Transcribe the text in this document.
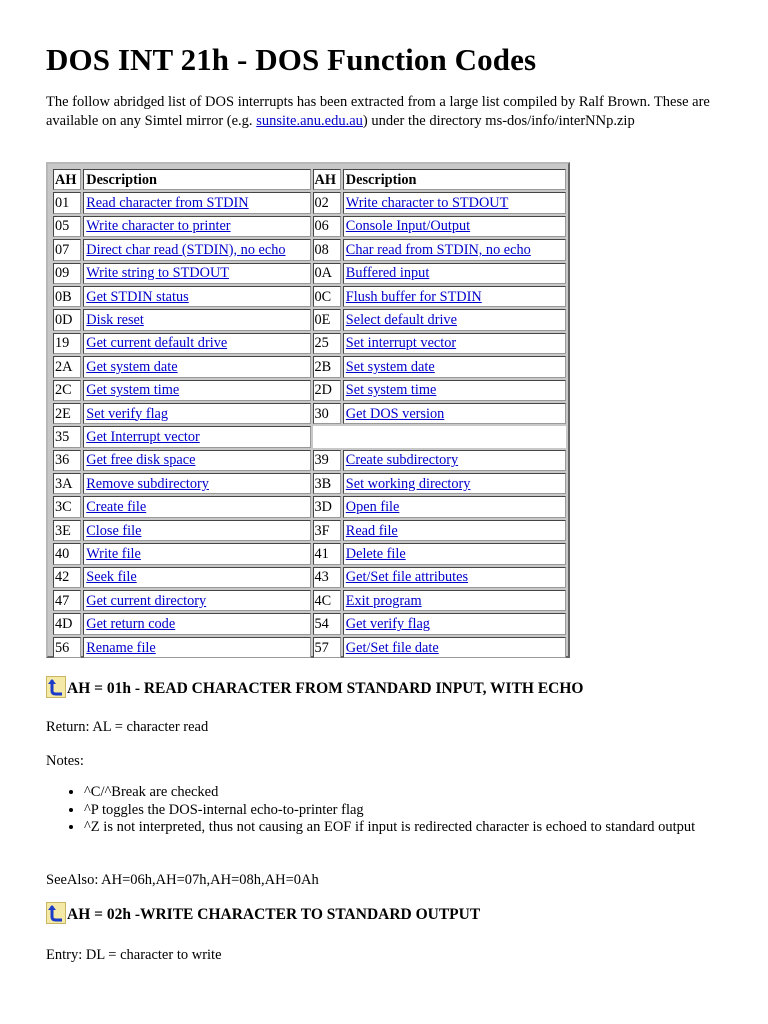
DOS INT 21h - DOS Function Codes

The follow abridged list of DOS interrupts has been extracted from a large list compiled by Ralf Brown. These are available on any Simtel mirror (e.g. sunsite.anu.edu.au) under the directory ms-dos/info/interNNp.zip

AH	Description	AH	Description
01	Read character from STDIN	02	Write character to STDOUT
05	Write character to printer	06	Console Input/Output
07	Direct char read (STDIN), no echo	08	Char read from STDIN, no echo
09	Write string to STDOUT	0A	Buffered input
0B	Get STDIN status	0C	Flush buffer for STDIN
0D	Disk reset	0E	Select default drive
19	Get current default drive	25	Set interrupt vector
2A	Get system date	2B	Set system date
2C	Get system time	2D	Set system time
2E	Set verify flag	30	Get DOS version
35	Get Interrupt vector		
36	Get free disk space	39	Create subdirectory
3A	Remove subdirectory	3B	Set working directory
3C	Create file	3D	Open file
3E	Close file	3F	Read file
40	Write file	41	Delete file
42	Seek file	43	Get/Set file attributes
47	Get current directory	4C	Exit program
4D	Get return code	54	Get verify flag
56	Rename file	57	Get/Set file date
AH = 01h - READ CHARACTER FROM STANDARD INPUT, WITH ECHO

Return: AL = character read

Notes:

• ^C/^Break are checked
• ^P toggles the DOS-internal echo-to-printer flag
• ^Z is not interpreted, thus not causing an EOF if input is redirected character is echoed to standard output

SeeAlso: AH=06h,AH=07h,AH=08h,AH=0Ah

AH = 02h -WRITE CHARACTER TO STANDARD OUTPUT

Entry: DL = character to write
